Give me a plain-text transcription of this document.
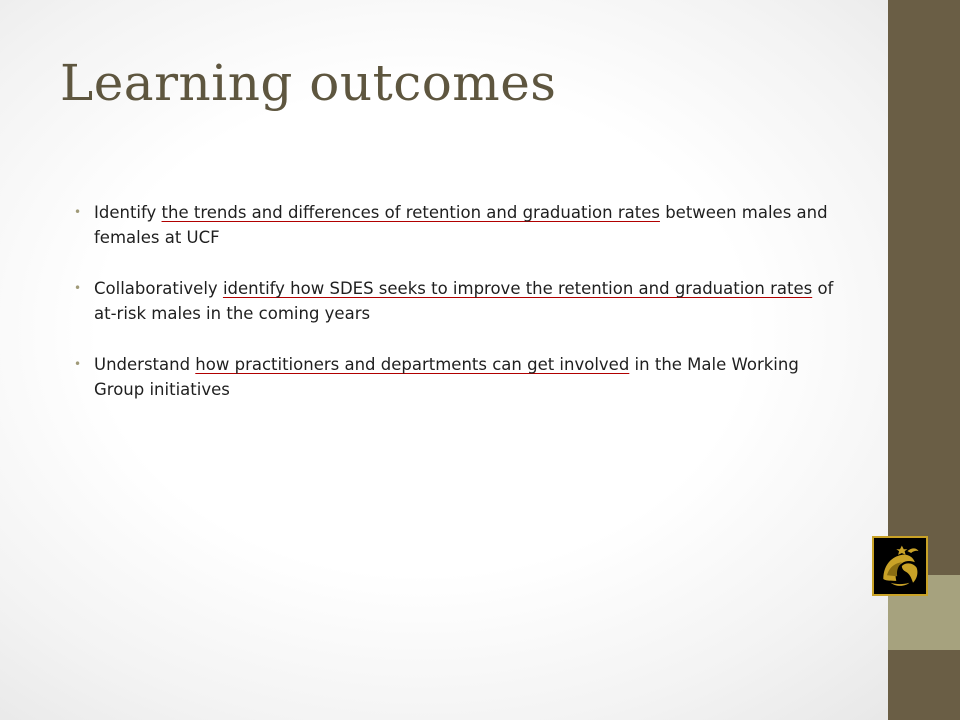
Learning outcomes
• Identify the trends and differences of retention and graduation rates between males and females at UCF
• Collaboratively identify how SDES seeks to improve the retention and graduation rates of at-risk males in the coming years
• Understand how practitioners and departments can get involved in the Male Working Group initiatives
